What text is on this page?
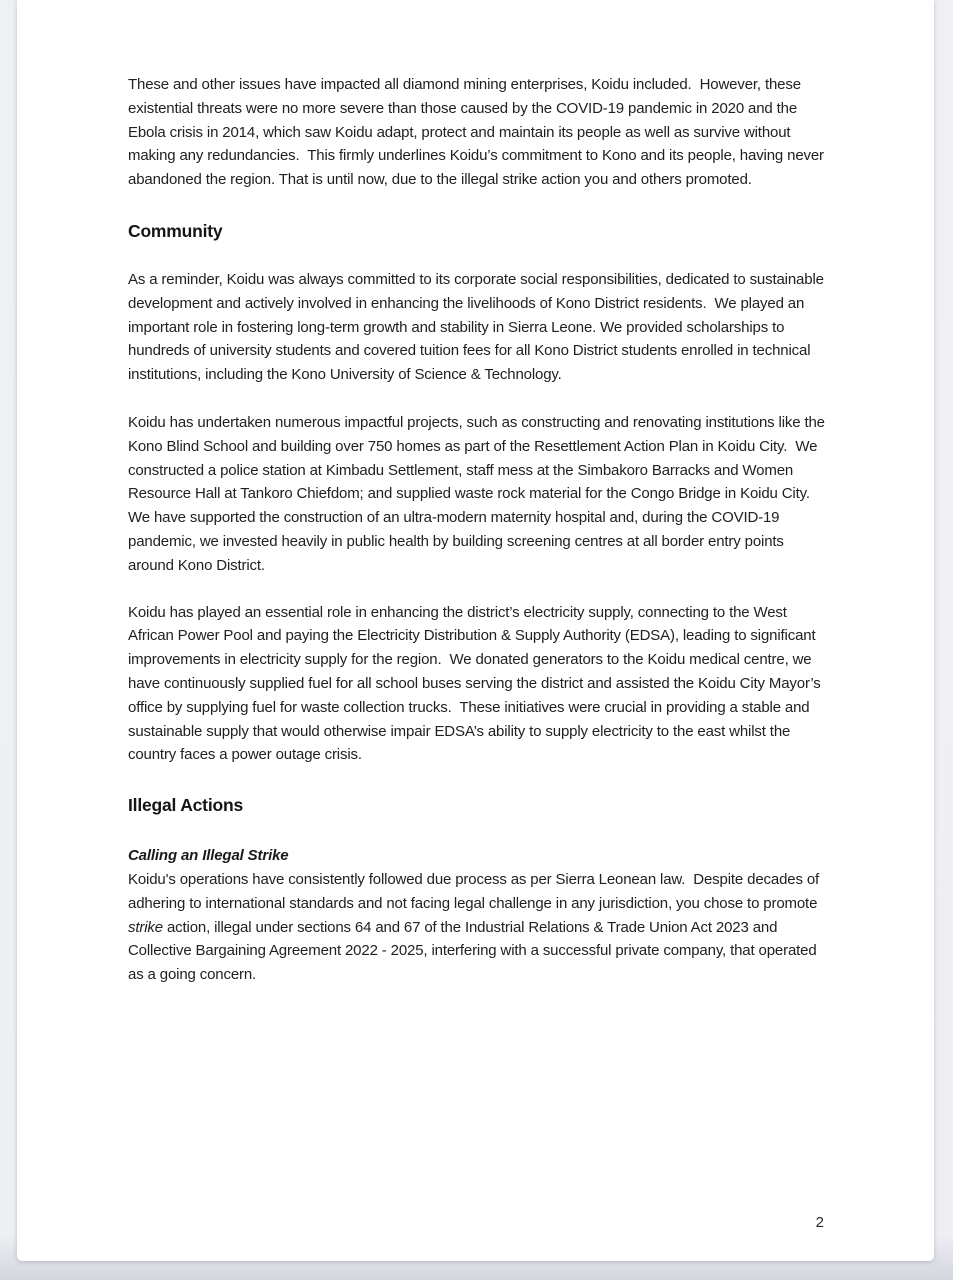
These and other issues have impacted all diamond mining enterprises, Koidu included.  However, these existential threats were no more severe than those caused by the COVID-19 pandemic in 2020 and the Ebola crisis in 2014, which saw Koidu adapt, protect and maintain its people as well as survive without making any redundancies.  This firmly underlines Koidu’s commitment to Kono and its people, having never abandoned the region. That is until now, due to the illegal strike action you and others promoted.

Community

As a reminder, Koidu was always committed to its corporate social responsibilities, dedicated to sustainable development and actively involved in enhancing the livelihoods of Kono District residents.  We played an important role in fostering long-term growth and stability in Sierra Leone. We provided scholarships to hundreds of university students and covered tuition fees for all Kono District students enrolled in technical institutions, including the Kono University of Science & Technology.

Koidu has undertaken numerous impactful projects, such as constructing and renovating institutions like the Kono Blind School and building over 750 homes as part of the Resettlement Action Plan in Koidu City.  We constructed a police station at Kimbadu Settlement, staff mess at the Simbakoro Barracks and Women Resource Hall at Tankoro Chiefdom; and supplied waste rock material for the Congo Bridge in Koidu City.  We have supported the construction of an ultra-modern maternity hospital and, during the COVID-19 pandemic, we invested heavily in public health by building screening centres at all border entry points around Kono District.

Koidu has played an essential role in enhancing the district’s electricity supply, connecting to the West African Power Pool and paying the Electricity Distribution & Supply Authority (EDSA), leading to significant improvements in electricity supply for the region.  We donated generators to the Koidu medical centre, we have continuously supplied fuel for all school buses serving the district and assisted the Koidu City Mayor’s office by supplying fuel for waste collection trucks.  These initiatives were crucial in providing a stable and sustainable supply that would otherwise impair EDSA’s ability to supply electricity to the east whilst the country faces a power outage crisis.

Illegal Actions
Calling an Illegal Strike

Koidu's operations have consistently followed due process as per Sierra Leonean law.  Despite decades of adhering to international standards and not facing legal challenge in any jurisdiction, you chose to promote strike action, illegal under sections 64 and 67 of the Industrial Relations & Trade Union Act 2023 and Collective Bargaining Agreement 2022 - 2025, interfering with a successful private company, that operated as a going concern.

2
